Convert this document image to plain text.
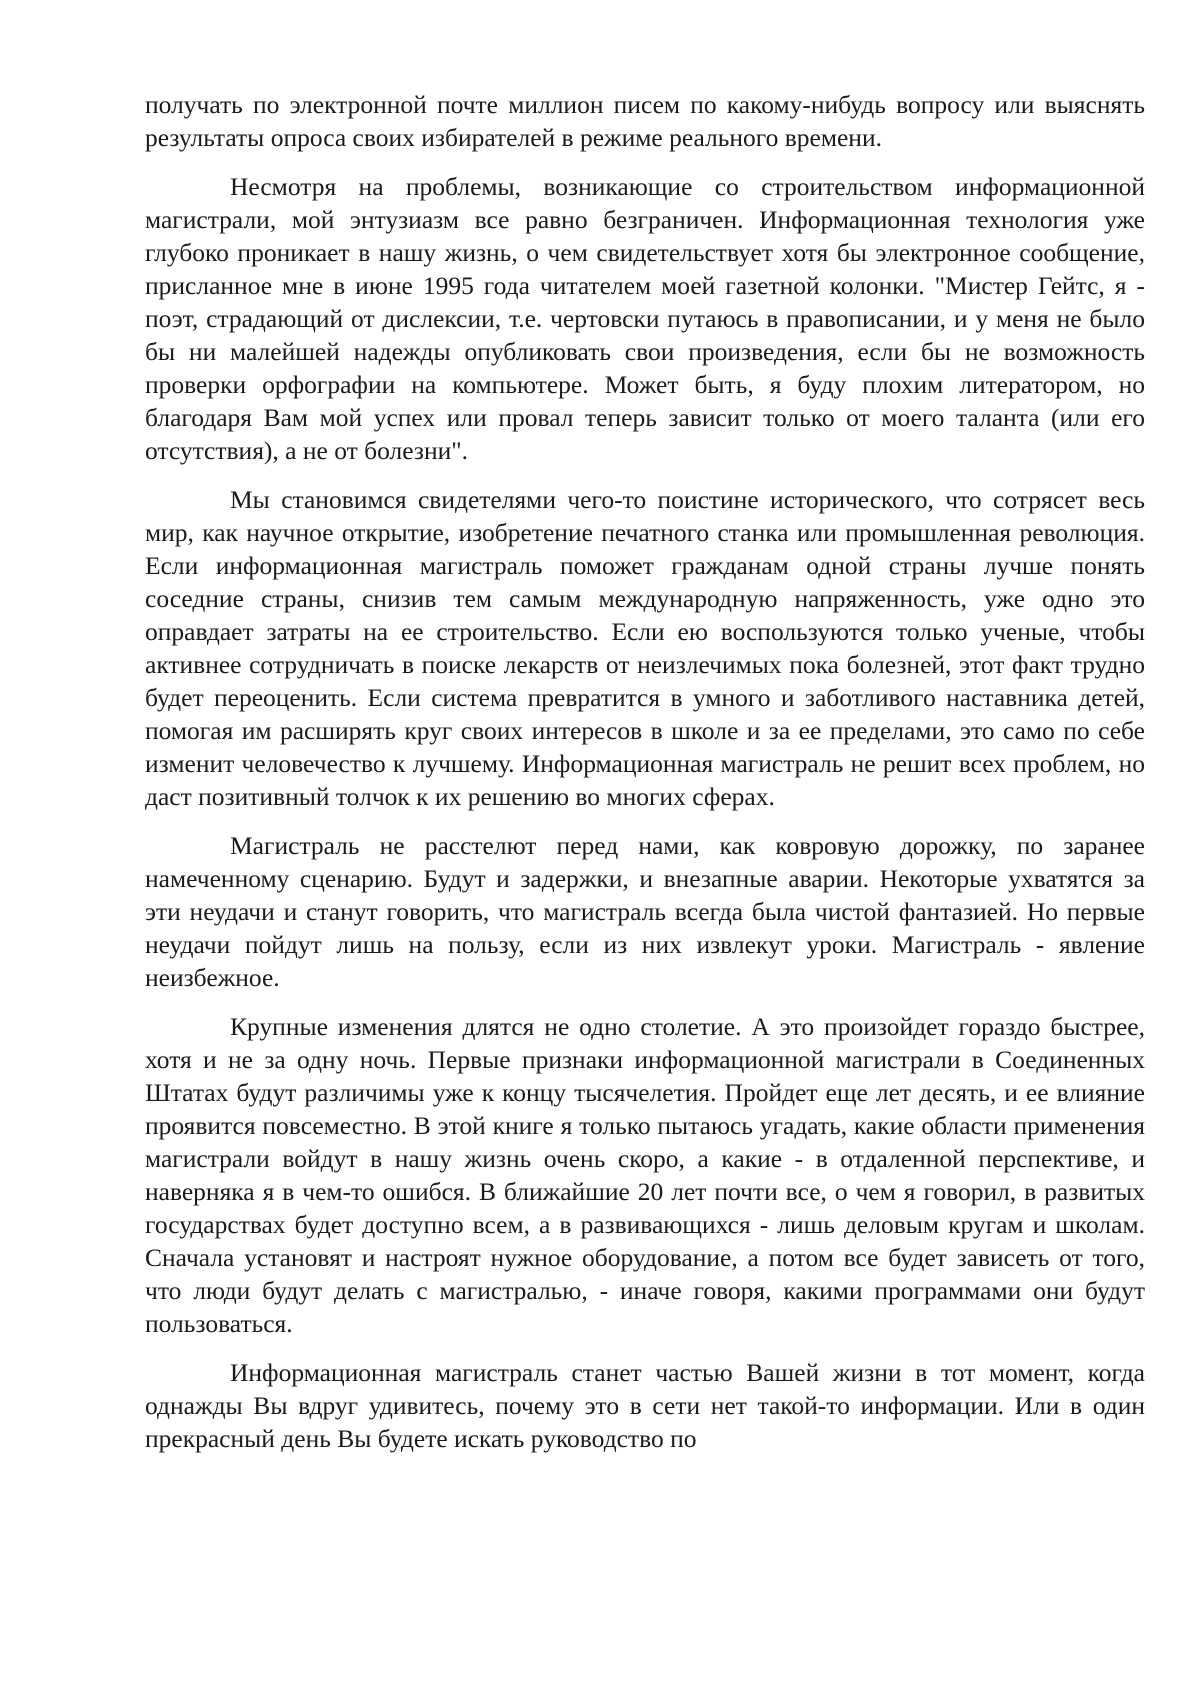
получать по электронной почте миллион писем по какому-нибудь вопросу или выяснять результаты опроса своих избирателей в режиме реального времени.

Несмотря на проблемы, возникающие со строительством информационной магистрали, мой энтузиазм все равно безграничен. Информационная технология уже глубоко проникает в нашу жизнь, о чем свидетельствует хотя бы электронное сообщение, присланное мне в июне 1995 года читателем моей газетной колонки. "Мистер Гейтс, я - поэт, страдающий от дислексии, т.е. чертовски путаюсь в правописании, и у меня не было бы ни малейшей надежды опубликовать свои произведения, если бы не возможность проверки орфографии на компьютере. Может быть, я буду плохим литератором, но благодаря Вам мой успех или провал теперь зависит только от моего таланта (или его отсутствия), а не от болезни".

Мы становимся свидетелями чего-то поистине исторического, что сотрясет весь мир, как научное открытие, изобретение печатного станка или промышленная революция. Если информационная магистраль поможет гражданам одной страны лучше понять соседние страны, снизив тем самым международную напряженность, уже одно это оправдает затраты на ее строительство. Если ею воспользуются только ученые, чтобы активнее сотрудничать в поиске лекарств от неизлечимых пока болезней, этот факт трудно будет переоценить. Если система превратится в умного и заботливого наставника детей, помогая им расширять круг своих интересов в школе и за ее пределами, это само по себе изменит человечество к лучшему. Информационная магистраль не решит всех проблем, но даст позитивный толчок к их решению во многих сферах.

Магистраль не расстелют перед нами, как ковровую дорожку, по заранее намеченному сценарию. Будут и задержки, и внезапные аварии. Некоторые ухватятся за эти неудачи и станут говорить, что магистраль всегда была чистой фантазией. Но первые неудачи пойдут лишь на пользу, если из них извлекут уроки. Магистраль - явление неизбежное.

Крупные изменения длятся не одно столетие. А это произойдет гораздо быстрее, хотя и не за одну ночь. Первые признаки информационной магистрали в Соединенных Штатах будут различимы уже к концу тысячелетия. Пройдет еще лет десять, и ее влияние проявится повсеместно. В этой книге я только пытаюсь угадать, какие области применения магистрали войдут в нашу жизнь очень скоро, а какие - в отдаленной перспективе, и наверняка я в чем-то ошибся. В ближайшие 20 лет почти все, о чем я говорил, в развитых государствах будет доступно всем, а в развивающихся - лишь деловым кругам и школам. Сначала установят и настроят нужное оборудование, а потом все будет зависеть от того, что люди будут делать с магистралью, - иначе говоря, какими программами они будут пользоваться.

Информационная магистраль станет частью Вашей жизни в тот момент, когда однажды Вы вдруг удивитесь, почему это в сети нет такой-то информации. Или в один прекрасный день Вы будете искать руководство по
